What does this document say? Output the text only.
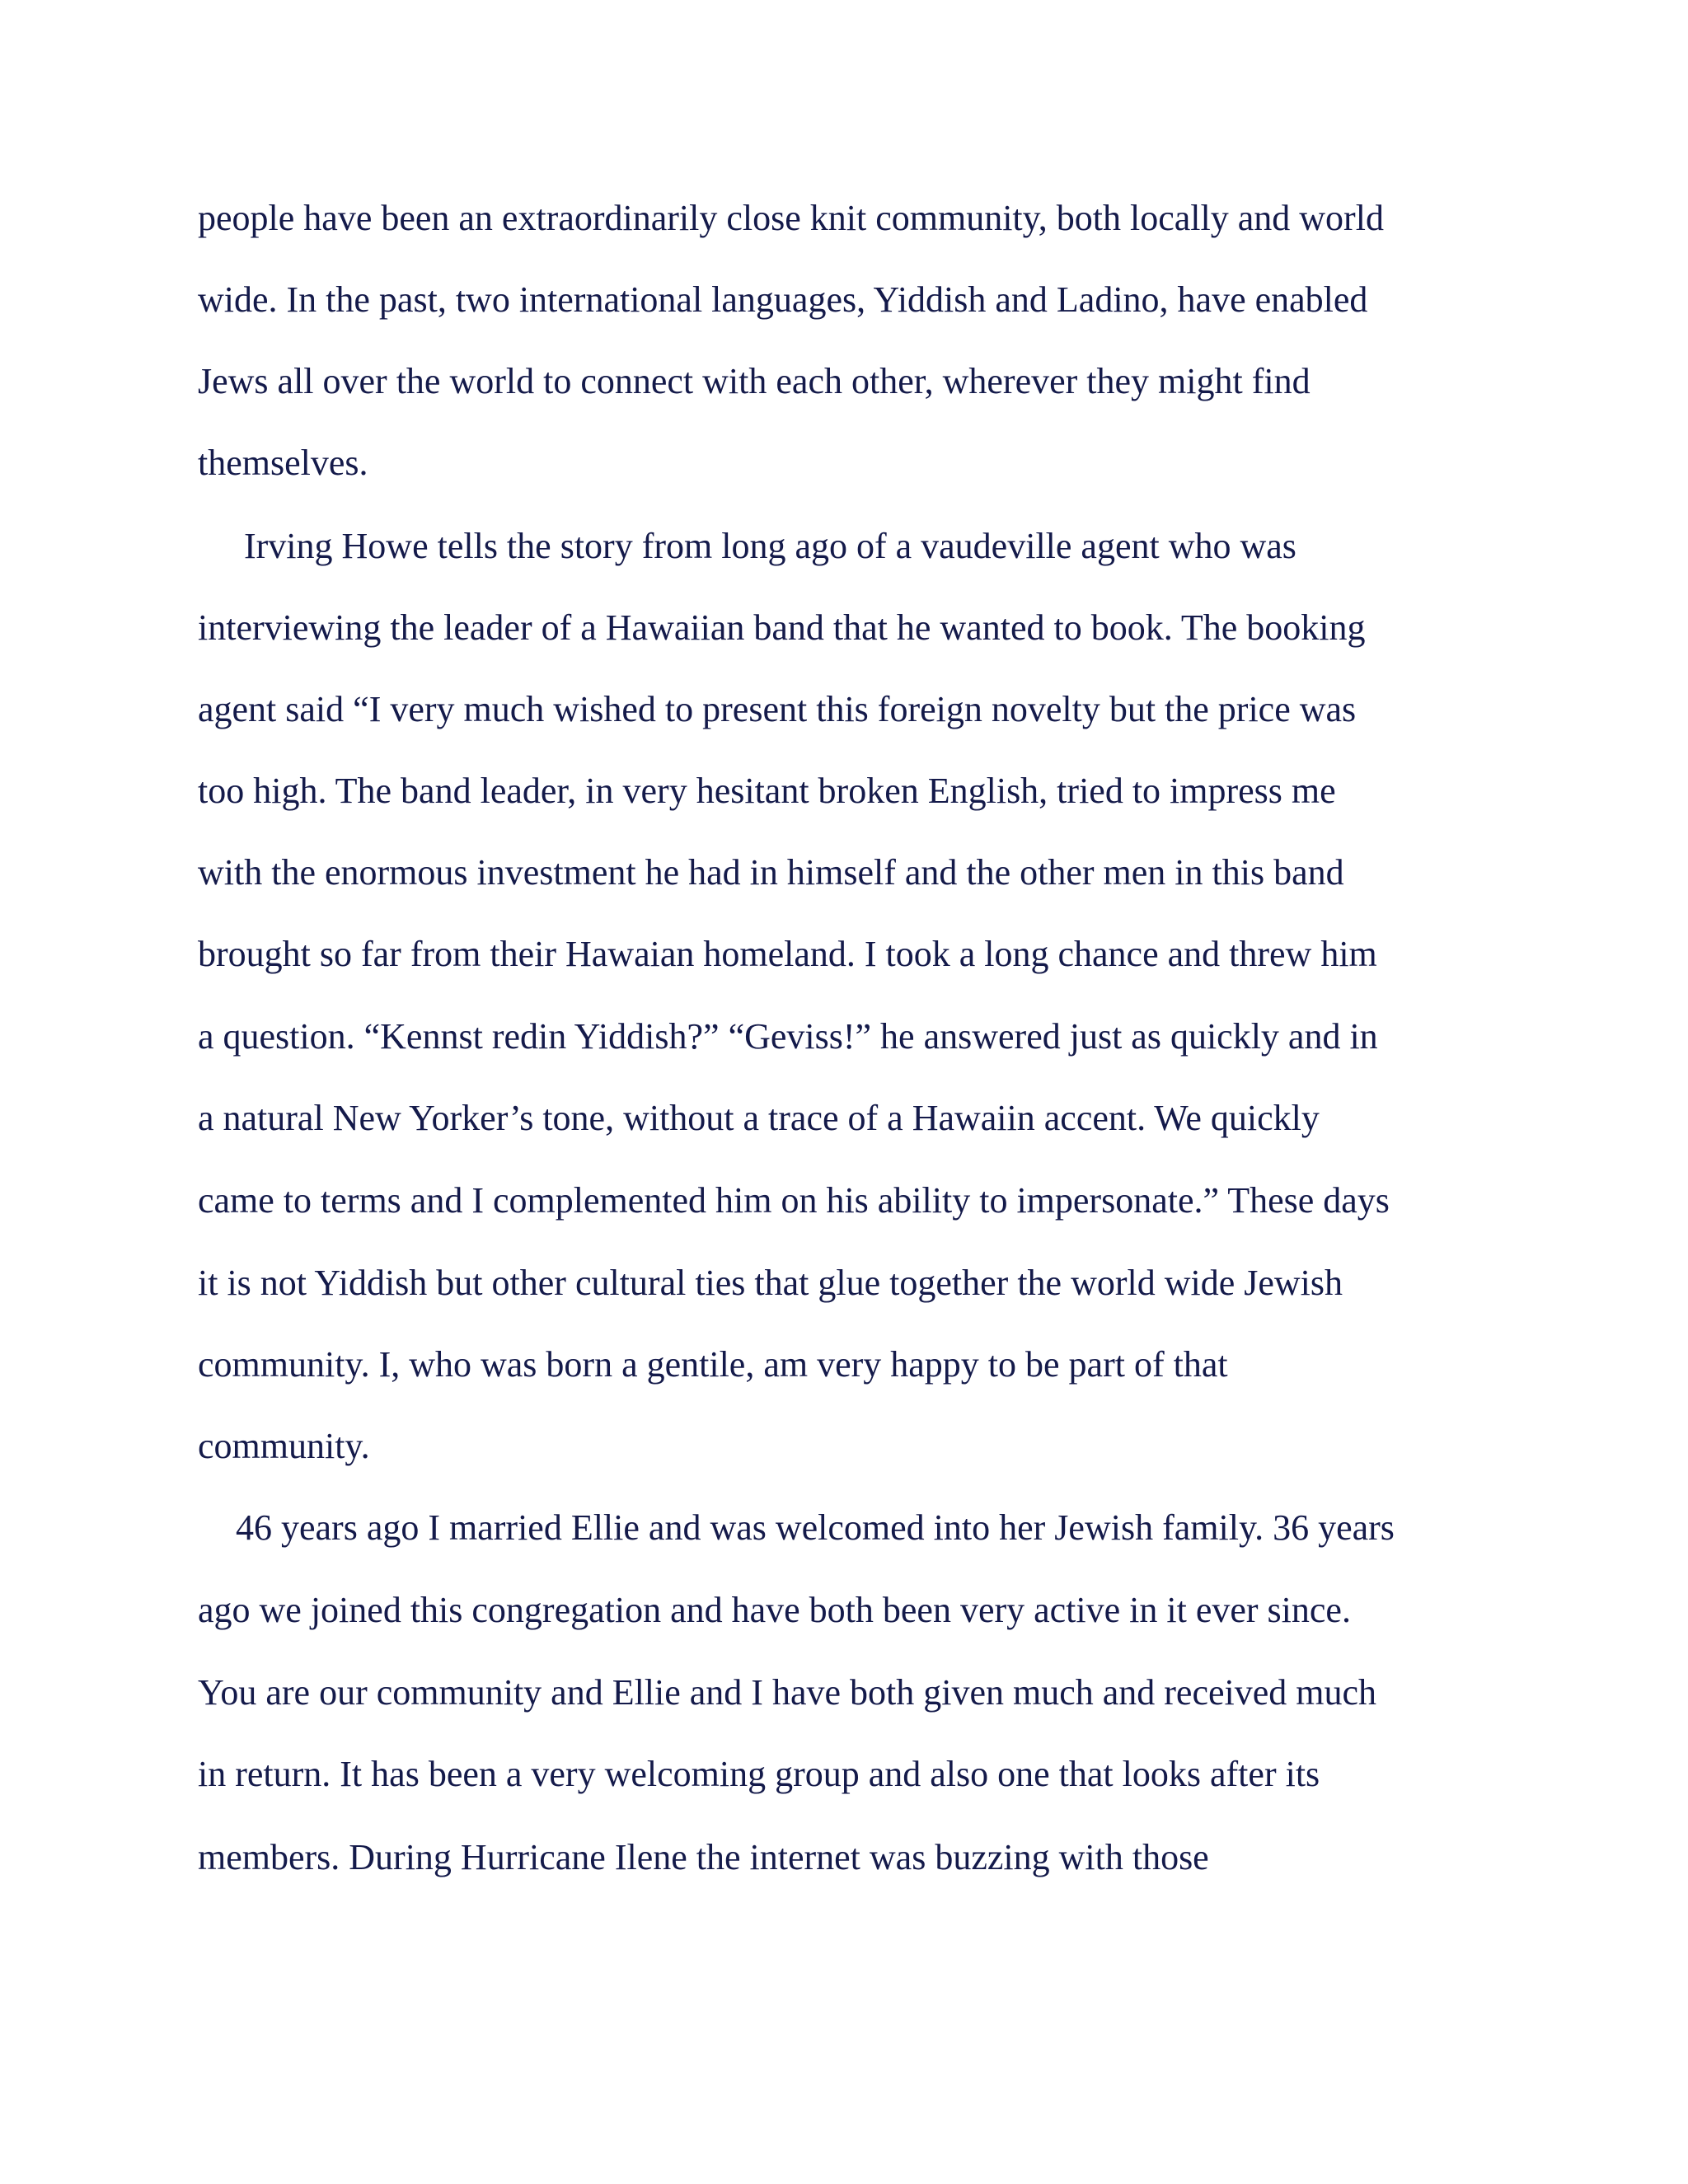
people have been an extraordinarily close knit community, both locally and world

wide. In the past, two international languages, Yiddish and Ladino, have enabled

Jews all over the world to connect with each other, wherever they might find

themselves.

Irving Howe tells the story from long ago of a vaudeville agent who was

interviewing the leader of a Hawaiian band that he wanted to book. The booking

agent said “I very much wished to present this foreign novelty but the price was

too high. The band leader, in very hesitant broken English, tried to impress me

with the enormous investment he had in himself and the other men in this band

brought so far from their Hawaian homeland. I took a long chance and threw him

a question. “Kennst redin Yiddish?” “Geviss!” he answered just as quickly and in

a natural New Yorker’s tone, without a trace of a Hawaiin accent. We quickly

came to terms and I complemented him on his ability to impersonate.” These days

it is not Yiddish but other cultural ties that glue together the world wide Jewish

community. I, who was born a gentile, am very happy to be part of that

community.

46 years ago I married Ellie and was welcomed into her Jewish family. 36 years

ago we joined this congregation and have both been very active in it ever since.

You are our community and Ellie and I have both given much and received much

in return. It has been a very welcoming group and also one that looks after its

members. During Hurricane Ilene the internet was buzzing with those
